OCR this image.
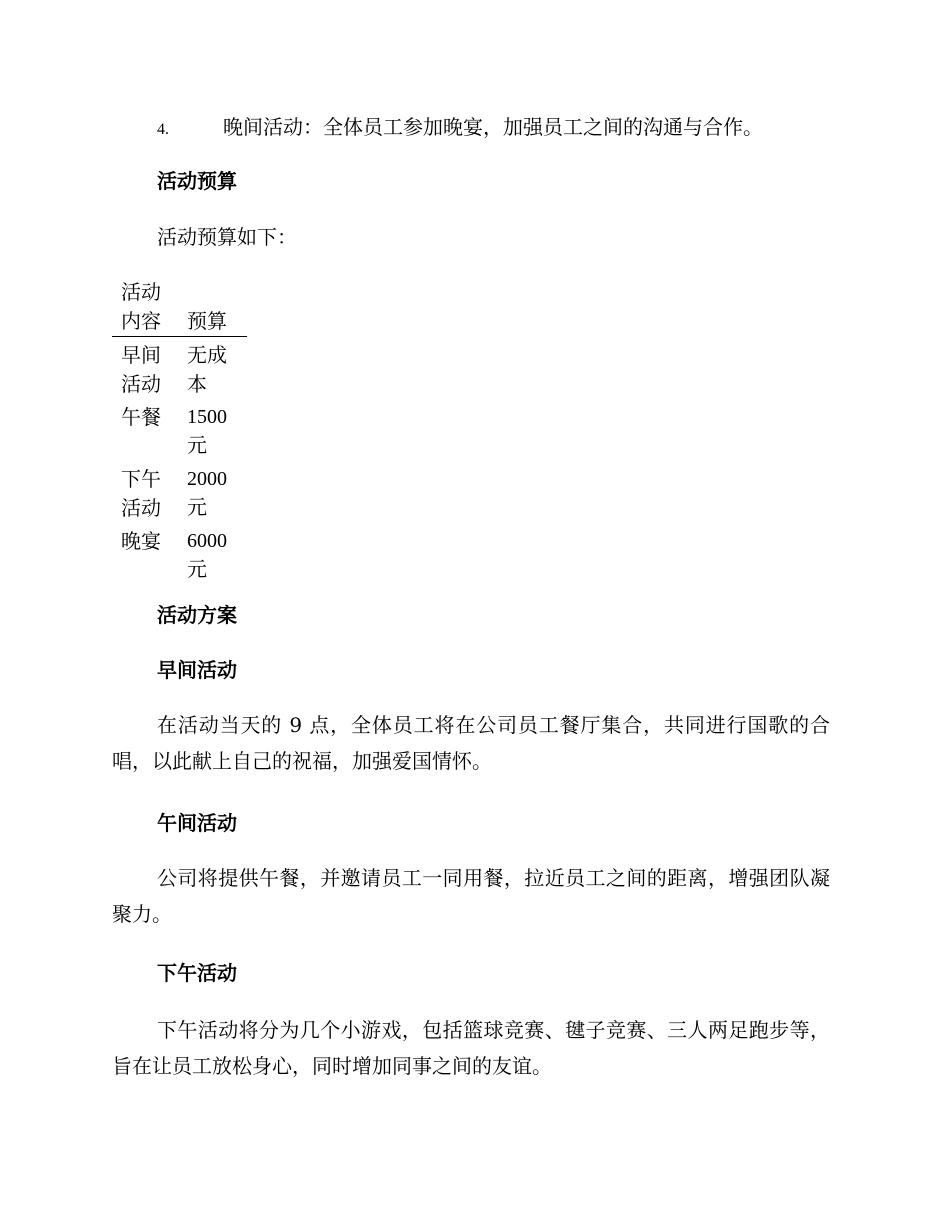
4.	晚间活动：全体员工参加晚宴，加强员工之间的沟通与合作。
活动预算
活动预算如下：
活动内容	预算

早间活动	无成本

午餐	1500元

下午活动	2000元

晚宴	6000元
活动方案
早间活动
在活动当天的 9 点，全体员工将在公司员工餐厅集合，共同进行国歌的合唱，以此献上自己的祝福，加强爱国情怀。
午间活动
公司将提供午餐，并邀请员工一同用餐，拉近员工之间的距离，增强团队凝聚力。
下午活动
下午活动将分为几个小游戏，包括篮球竞赛、毽子竞赛、三人两足跑步等，旨在让员工放松身心，同时增加同事之间的友谊。
